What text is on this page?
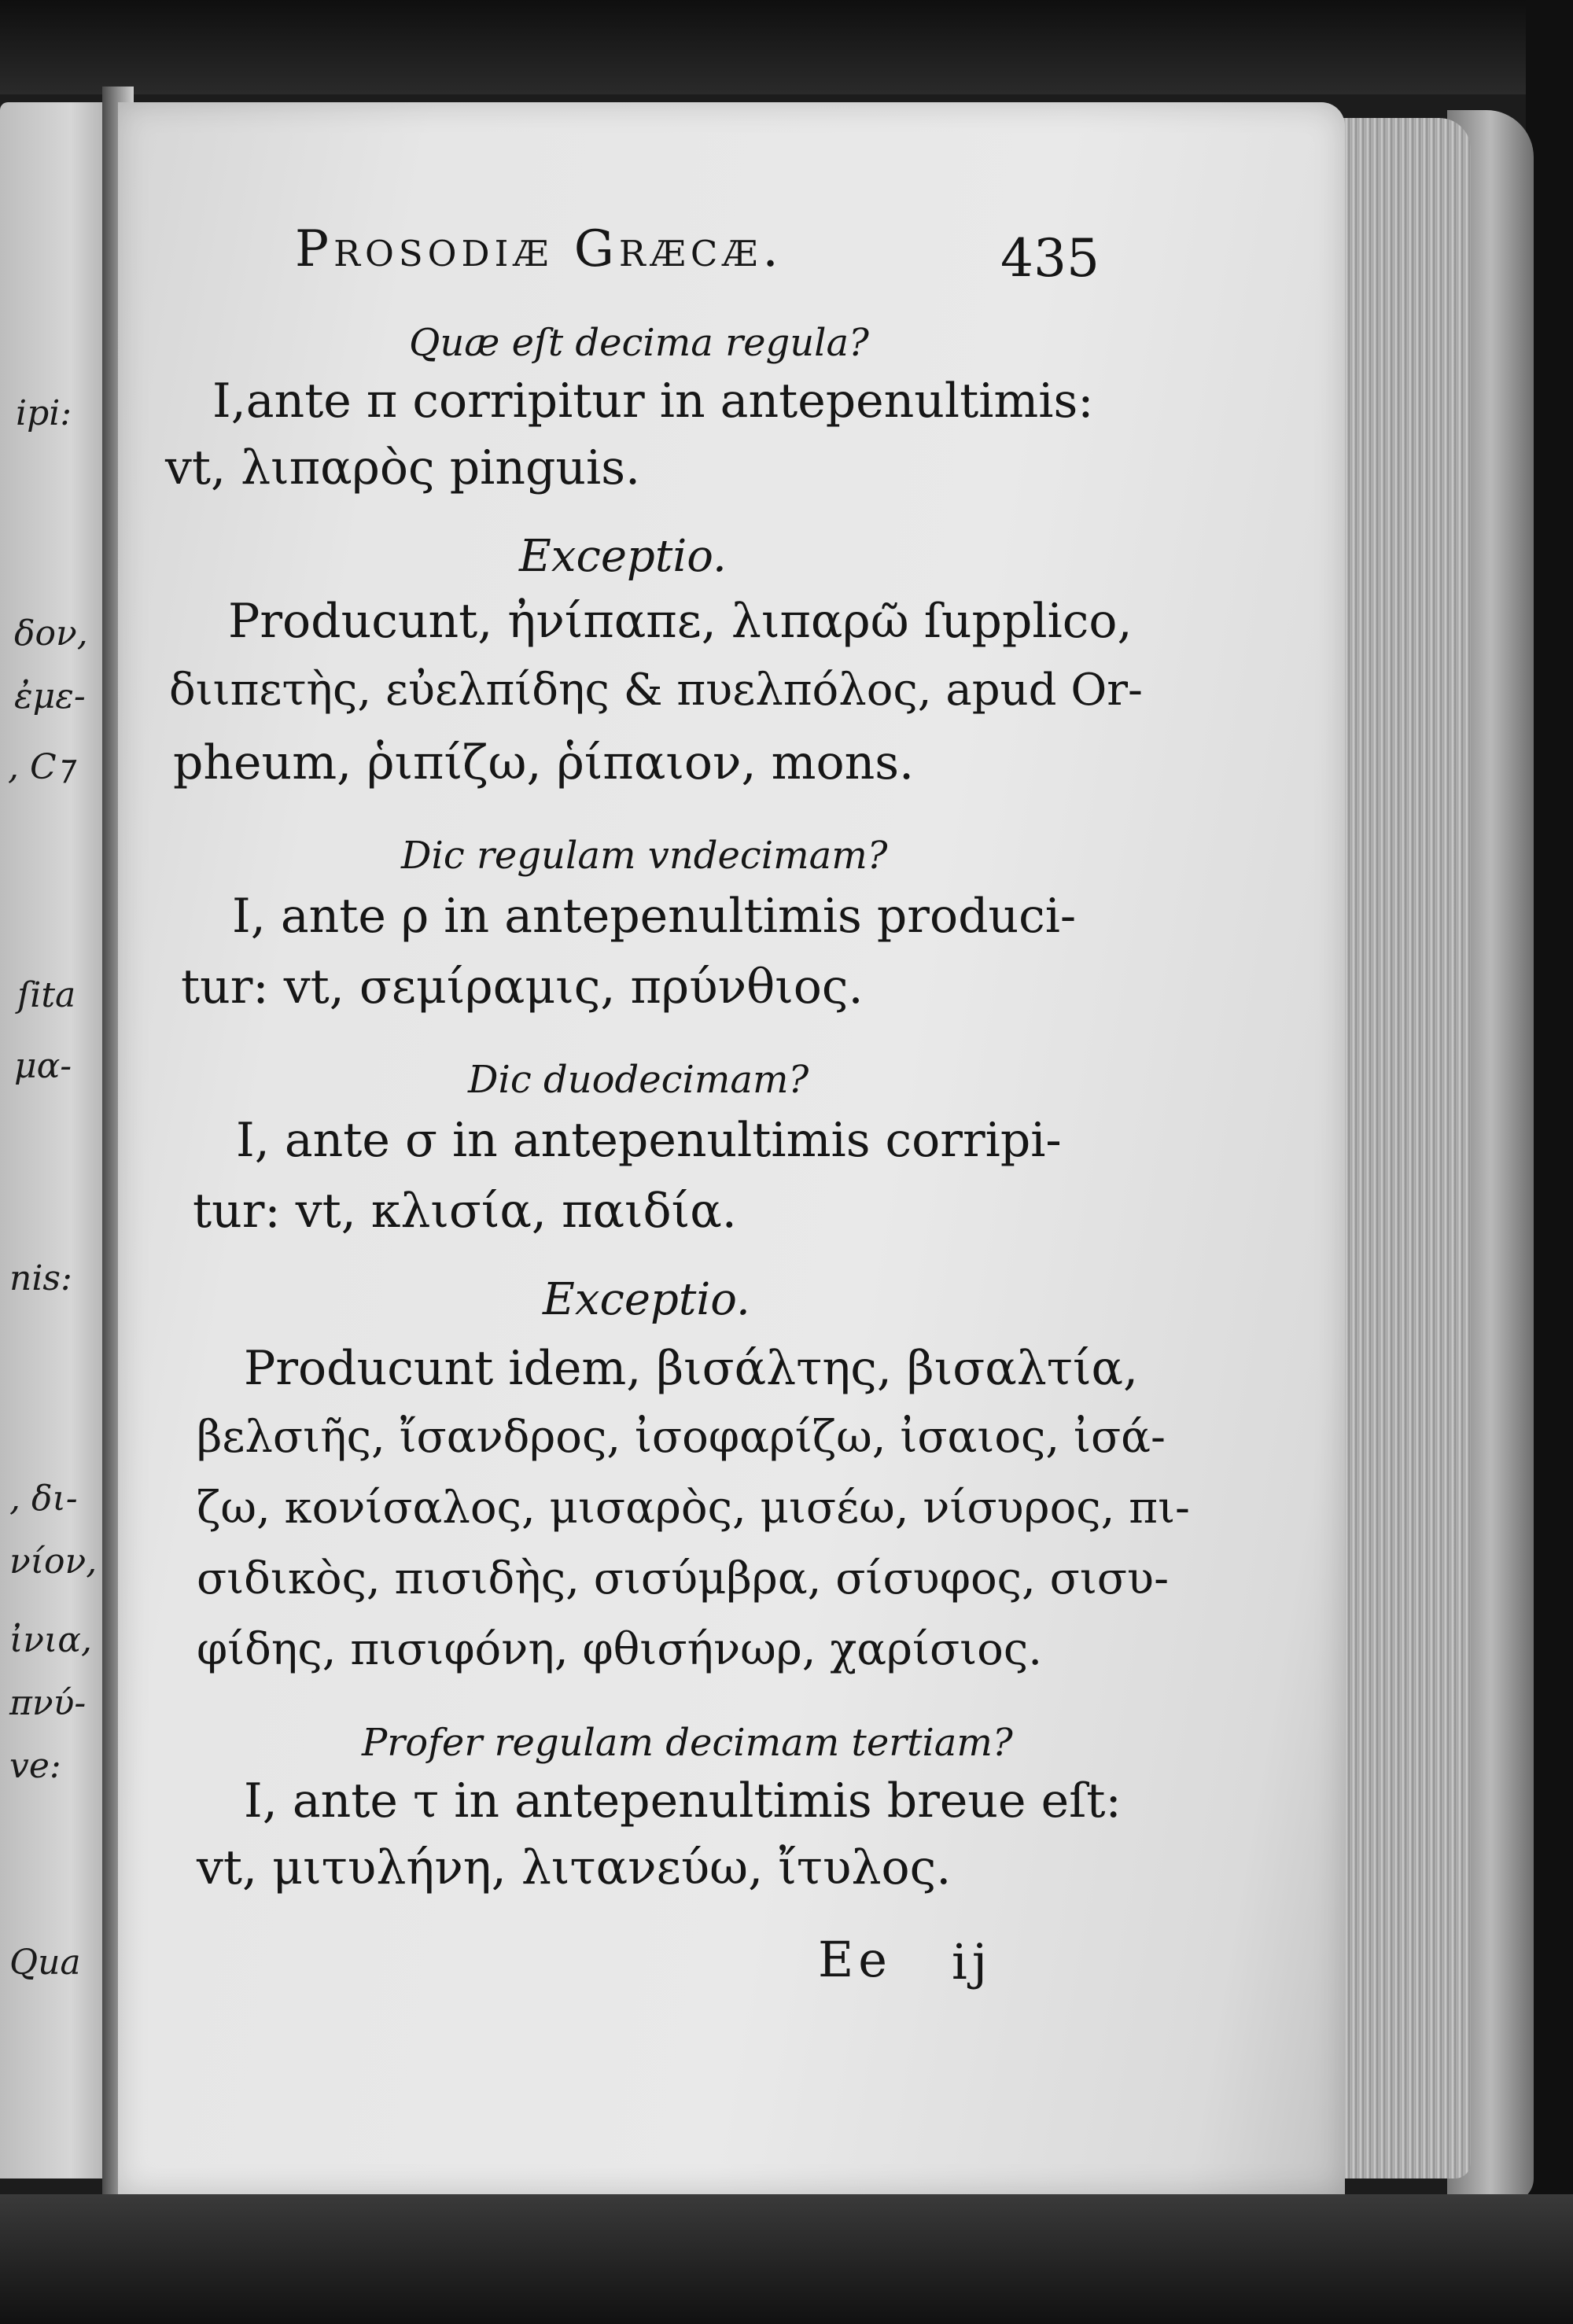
ipi:
δον,
ἐμε-
, C⁊
ſita
μα-
nis:
, δι-
νίον,
ἰνια,
πνύ-
ve:
Qua
Prosodiæ Græcæ.	435
Quæ eſt decima regula?
I,ante π corripitur in antepenultimis:
vt, λιπαρὸς pinguis.
Exceptio.
Producunt, ἠνίπαπε, λιπαρῶ ſupplico,
διιπετὴς, εὐελπίδης & πυελπόλος, apud Or-
pheum, ῥιπίζω, ῥίπαιον, mons.
Dic regulam vndecimam?
I, ante ρ in antepenultimis produci-
tur: vt, σεμίραμις, πρύνθιος.
Dic duodecimam?
I, ante σ in antepenultimis corripi-
tur: vt, κλισία, παιδία.
Exceptio.
Producunt idem, βισάλτης, βισαλτία,
βελσιῆς, ἴσανδρος, ἰσοφαρίζω, ἰσαιος, ἰσά-
ζω, κονίσαλος, μισαρὸς, μισέω, νίσυρος, πι-
σιδικὸς, πισιδὴς, σισύμβρα, σίσυφος, σισυ-
φίδης, πισιφόνη, φθισήνωρ, χαρίσιος.
Profer regulam decimam tertiam?
I, ante τ in antepenultimis breue eſt:
vt, μιτυλήνη, λιτανεύω, ἴτυλος.
Ee ij
